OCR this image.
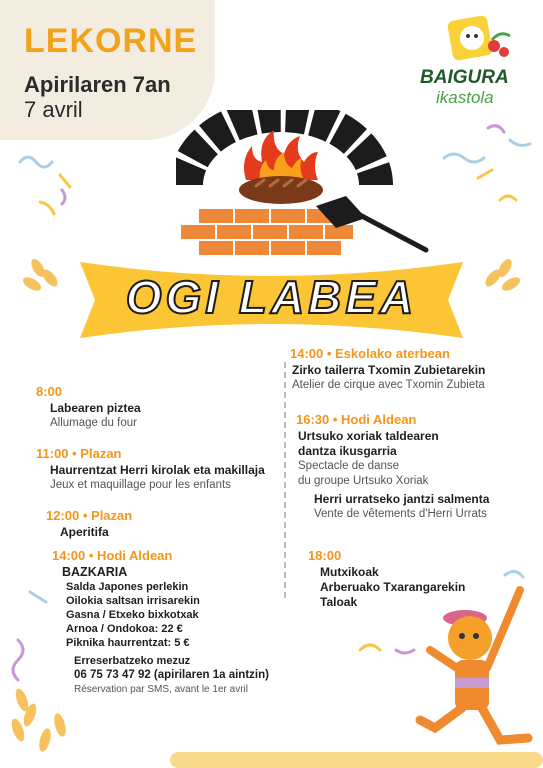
LEKORNE
Apirilaren 7an
7 avril
BAIGURA
ikastola
OGI LABEA
8:00
Labearen piztea
Allumage du four
11:00 • Plazan
Haurrentzat Herri kirolak eta makillaja
Jeux et maquillage pour les enfants
12:00 • Plazan
Aperitifa
14:00 • Hodi Aldean
BAZKARIA
Salda Japones perlekin
Oilokia saltsan irrisarekin
Gasna / Etxeko bixkotxak
Arnoa / Ondokoa: 22 €
Piknika haurrentzat: 5 €
Erreserbatzeko mezuz
06 75 73 47 92 (apirilaren 1a aintzin)
Réservation par SMS, avant le 1er avril
14:00 • Eskolako aterbean
Zirko tailerra Txomin Zubietarekin
Atelier de cirque avec Txomin Zubieta
16:30 • Hodi Aldean
Urtsuko xoriak taldearen
dantza ikusgarria
Spectacle de danse
du groupe Urtsuko Xoriak
Herri urratseko jantzi salmenta
Vente de vêtements d'Herri Urrats
18:00
Mutxikoak
Arberuako Txarangarekin
Taloak
